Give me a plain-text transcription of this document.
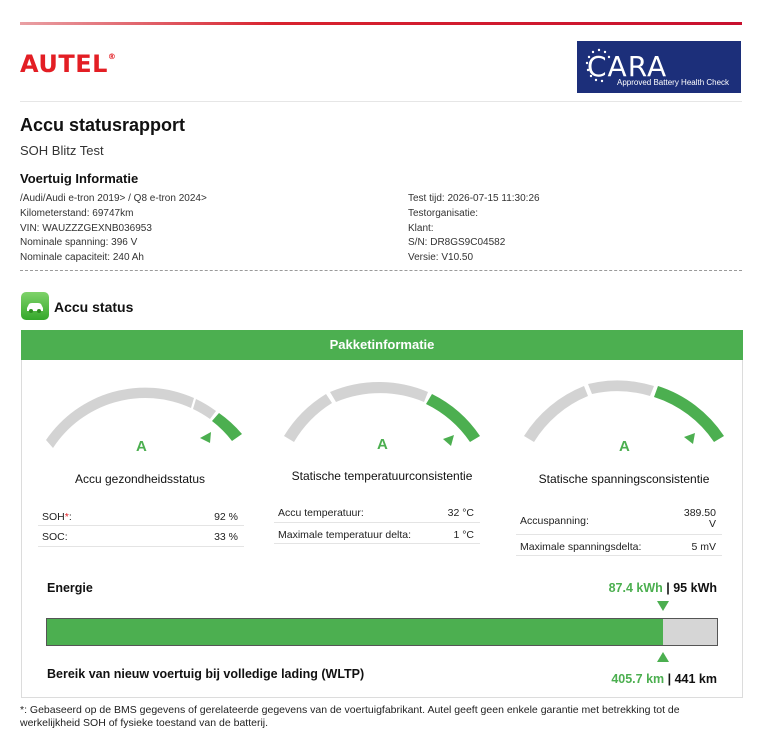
AUTEL®	CARA
Approved Battery Health Check
Accu statusrapport
SOH Blitz Test
Voertuig Informatie
/Audi/Audi e-tron 2019> / Q8 e-tron 2024>
Kilometerstand: 69747km
VIN: WAUZZZGEXNB036953
Nominale spanning: 396 V
Nominale capaciteit: 240 Ah
Test tijd: 2026-07-15 11:30:26
Testorganisatie:
Klant:
S/N: DR8GS9C04582
Versie: V10.50
Accu status
Pakketinformatie
A
Accu gezondheidsstatus
SOH*:	92 %
SOC:	33 %
A
Statische temperatuurconsistentie
Accu temperatuur:	32 °C
Maximale temperatuur delta:	1 °C
A
Statische spanningsconsistentie
Accuspanning:
389.50 V
Maximale spanningsdelta:	5 mV
Energie	87.4 kWh | 95 kWh
Bereik van nieuw voertuig bij volledige lading (WLTP)	405.7 km | 441 km
*: Gebaseerd op de BMS gegevens of gerelateerde gegevens van de voertuigfabrikant. Autel geeft geen enkele garantie met betrekking tot de werkelijkheid SOH of fysieke toestand van de batterij.
